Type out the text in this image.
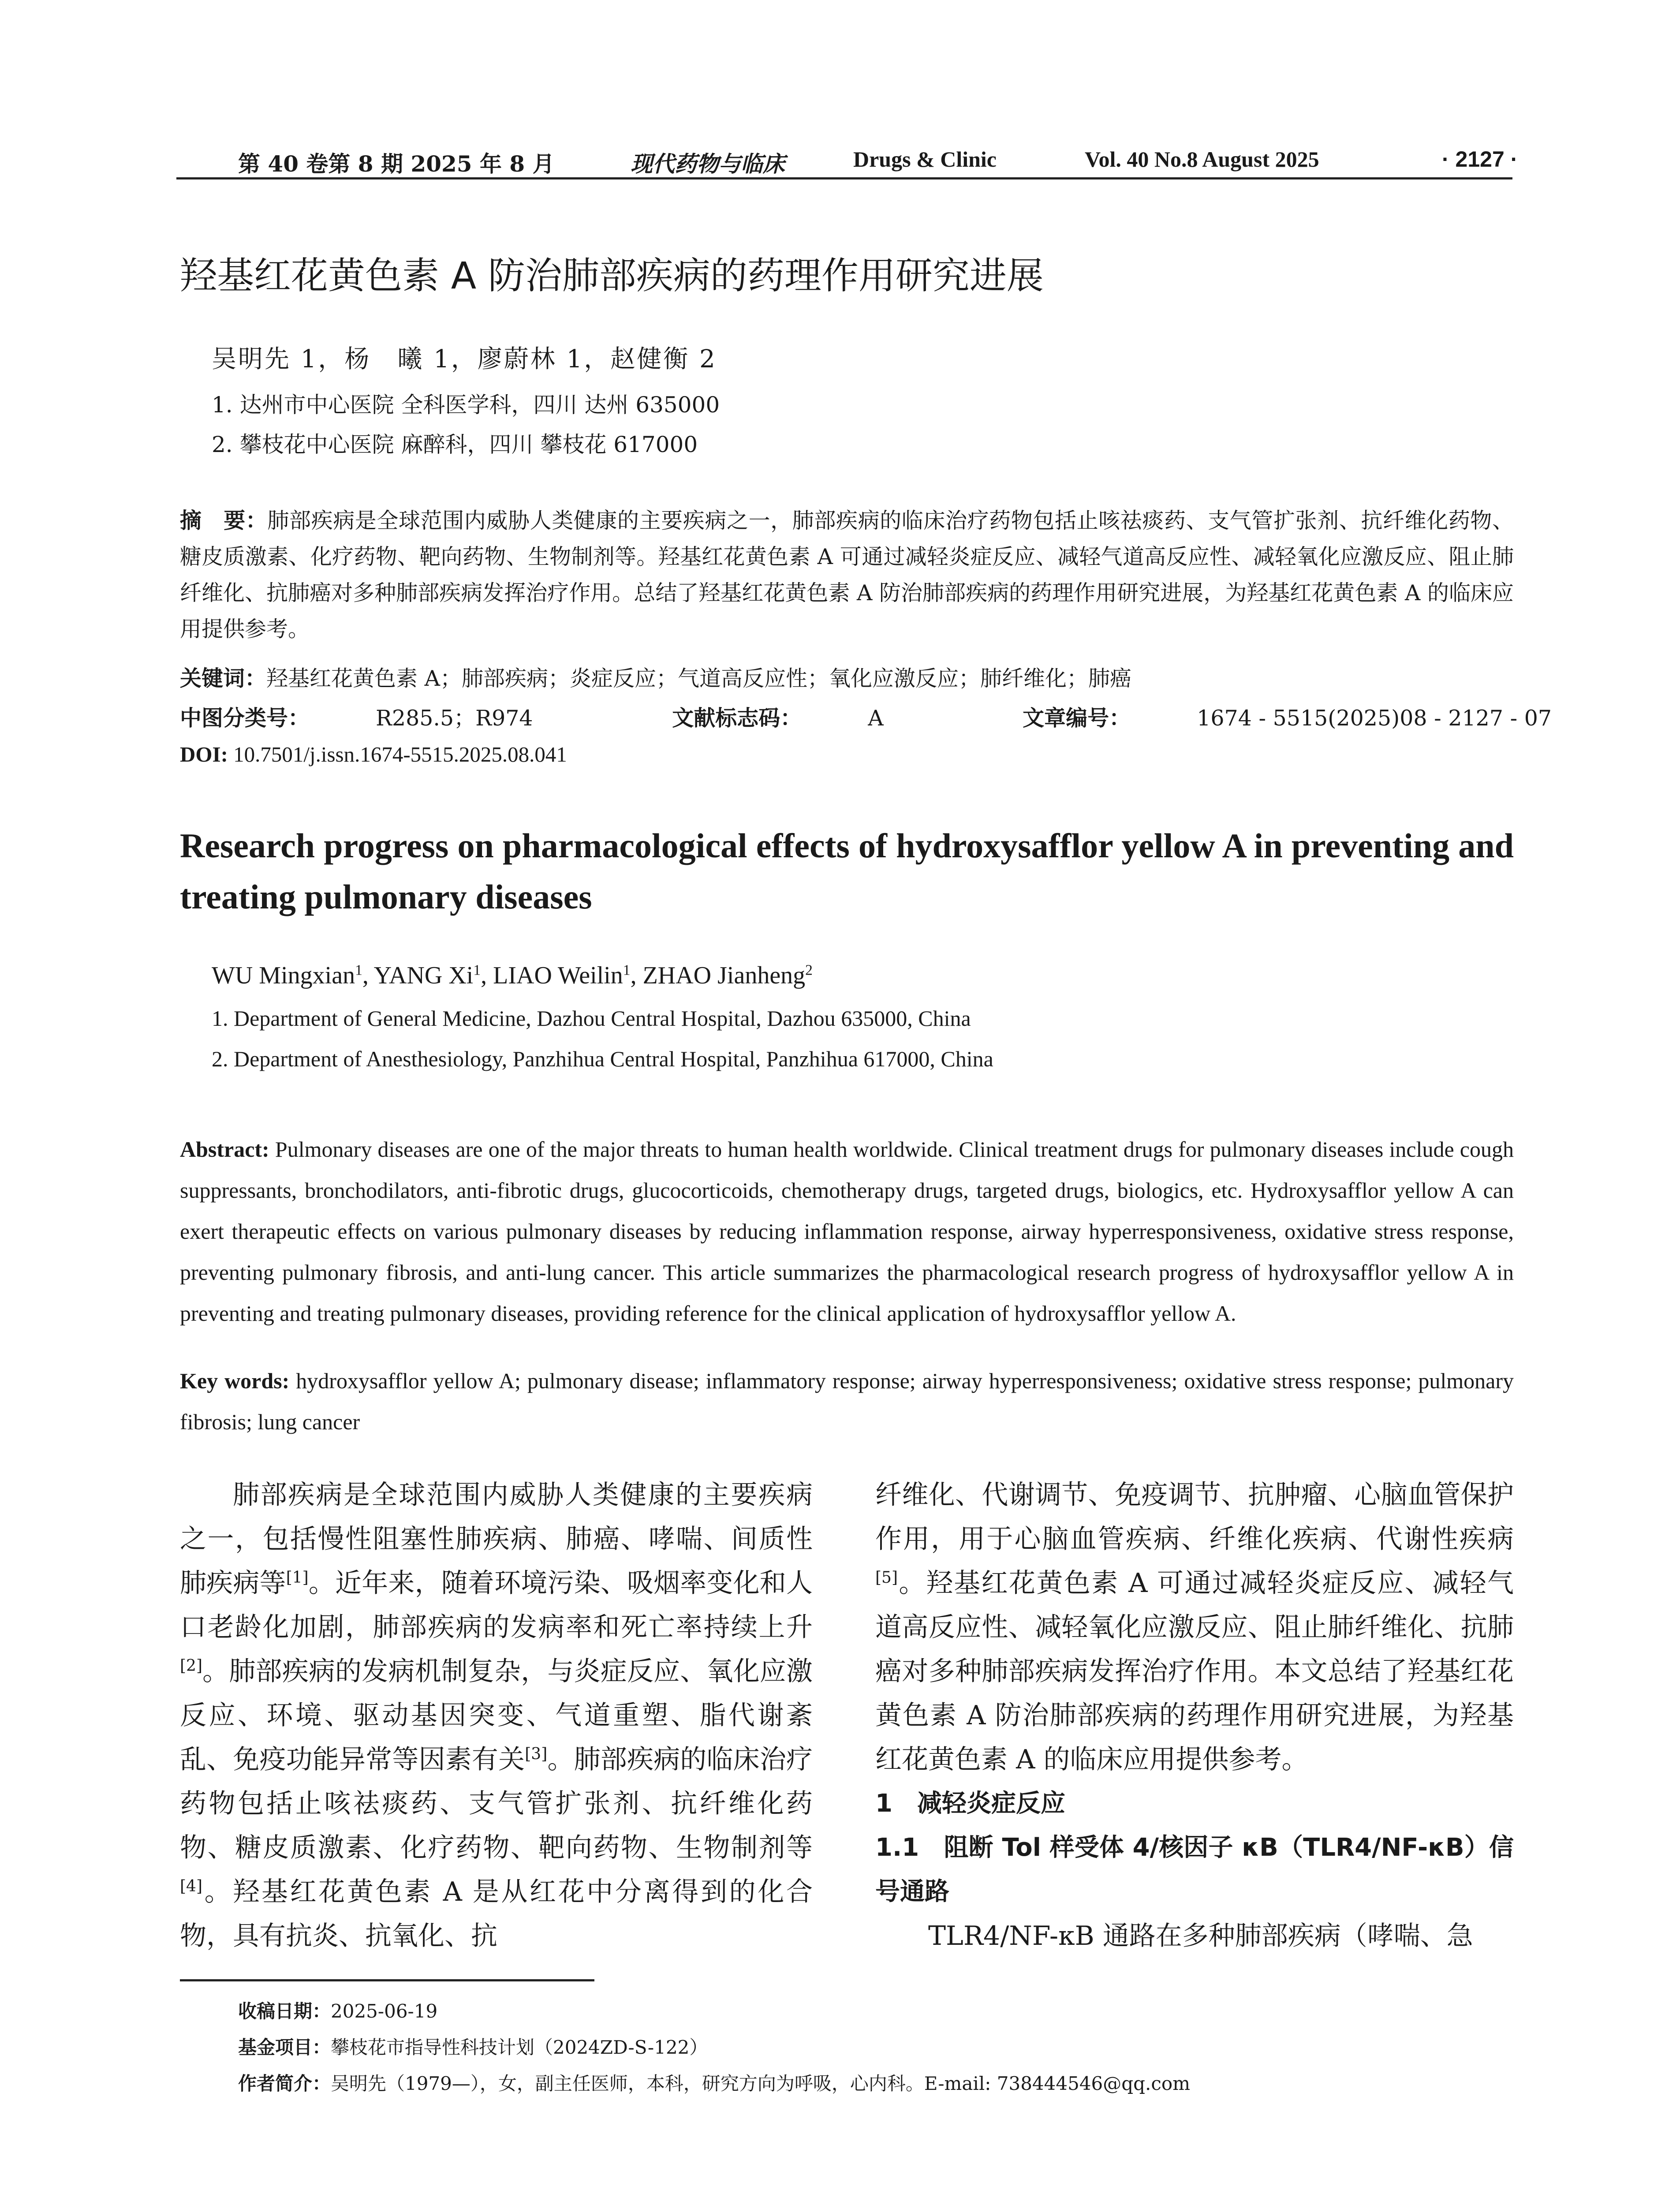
第 40 卷第 8 期 2025 年 8 月	现代药物与临床	Drugs & Clinic	Vol. 40 No.8 August 2025	· 2127 ·
羟基红花黄色素 A 防治肺部疾病的药理作用研究进展
吴明先 1，杨　曦 1，廖蔚林 1，赵健衡 2
1. 达州市中心医院 全科医学科，四川 达州 635000
2. 攀枝花中心医院 麻醉科，四川 攀枝花 617000
摘　要：肺部疾病是全球范围内威胁人类健康的主要疾病之一，肺部疾病的临床治疗药物包括止咳祛痰药、支气管扩张剂、抗纤维化药物、糖皮质激素、化疗药物、靶向药物、生物制剂等。羟基红花黄色素 A 可通过减轻炎症反应、减轻气道高反应性、减轻氧化应激反应、阻止肺纤维化、抗肺癌对多种肺部疾病发挥治疗作用。总结了羟基红花黄色素 A 防治肺部疾病的药理作用研究进展，为羟基红花黄色素 A 的临床应用提供参考。
关键词：羟基红花黄色素 A；肺部疾病；炎症反应；气道高反应性；氧化应激反应；肺纤维化；肺癌
中图分类号：	R285.5；R974	文献标志码：	A	文章编号：	1674 - 5515(2025)08 - 2127 - 07
DOI: 10.7501/j.issn.1674-5515.2025.08.041
Research progress on pharmacological effects of hydroxysafflor yellow A in preventing and treating pulmonary diseases
WU Mingxian$^1$, YANG Xi$^1$, LIAO Weilin$^1$, ZHAO Jianheng$^2$
1. Department of General Medicine, Dazhou Central Hospital, Dazhou 635000, China
2. Department of Anesthesiology, Panzhihua Central Hospital, Panzhihua 617000, China
Abstract: Pulmonary diseases are one of the major threats to human health worldwide. Clinical treatment drugs for pulmonary diseases include cough suppressants, bronchodilators, anti-fibrotic drugs, glucocorticoids, chemotherapy drugs, targeted drugs, biologics, etc. Hydroxysafflor yellow A can exert therapeutic effects on various pulmonary diseases by reducing inflammation response, airway hyperresponsiveness, oxidative stress response, preventing pulmonary fibrosis, and anti-lung cancer. This article summarizes the pharmacological research progress of hydroxysafflor yellow A in preventing and treating pulmonary diseases, providing reference for the clinical application of hydroxysafflor yellow A.
Key words: hydroxysafflor yellow A; pulmonary disease; inflammatory response; airway hyperresponsiveness; oxidative stress response; pulmonary fibrosis; lung cancer

肺部疾病是全球范围内威胁人类健康的主要疾病之一，包括慢性阻塞性肺疾病、肺癌、哮喘、间质性肺疾病等[1]。近年来，随着环境污染、吸烟率变化和人口老龄化加剧，肺部疾病的发病率和死亡率持续上升[2]。肺部疾病的发病机制复杂，与炎症反应、氧化应激反应、环境、驱动基因突变、气道重塑、脂代谢紊乱、免疫功能异常等因素有关[3]。肺部疾病的临床治疗药物包括止咳祛痰药、支气管扩张剂、抗纤维化药物、糖皮质激素、化疗药物、靶向药物、生物制剂等[4]。羟基红花黄色素 A 是从红花中分离得到的化合物，具有抗炎、抗氧化、抗

纤维化、代谢调节、免疫调节、抗肿瘤、心脑血管保护作用，用于心脑血管疾病、纤维化疾病、代谢性疾病[5]。羟基红花黄色素 A 可通过减轻炎症反应、减轻气道高反应性、减轻氧化应激反应、阻止肺纤维化、抗肺癌对多种肺部疾病发挥治疗作用。本文总结了羟基红花黄色素 A 防治肺部疾病的药理作用研究进展，为羟基红花黄色素 A 的临床应用提供参考。

1　减轻炎症反应
1.1　阻断 Tol 样受体 4/核因子 κB（TLR4/NF-κB）信号通路

TLR4/NF-κB 通路在多种肺部疾病（哮喘、急

收稿日期：2025-06-19
基金项目：攀枝花市指导性科技计划（2024ZD-S-122）
作者简介：吴明先（1979—），女，副主任医师，本科，研究方向为呼吸，心内科。E-mail: 738444546@qq.com
